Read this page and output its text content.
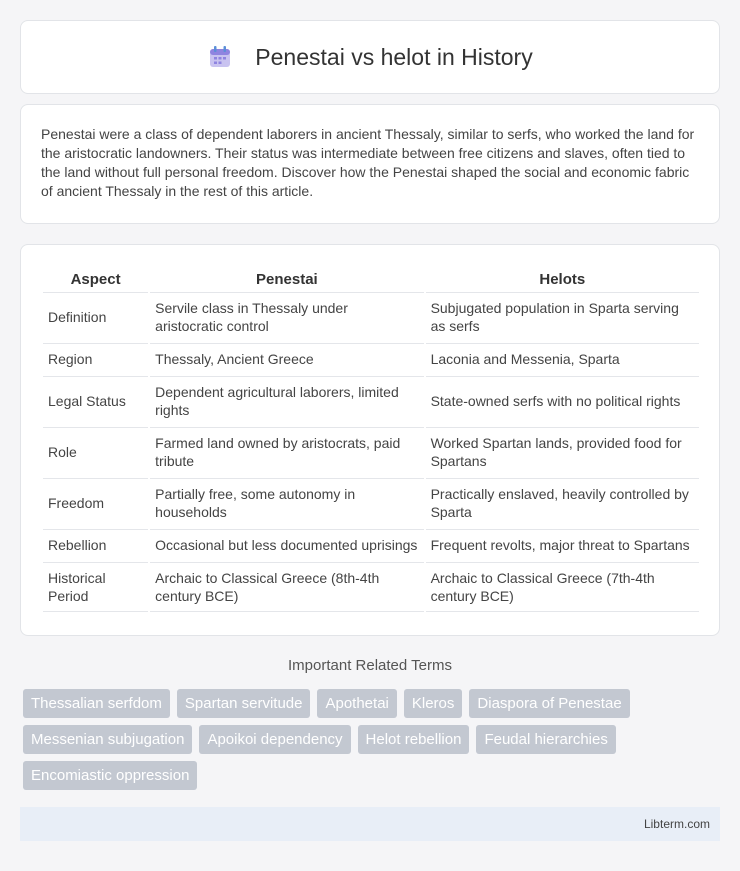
Penestai vs helot in History

Penestai were a class of dependent laborers in ancient Thessaly, similar to serfs, who worked the land for the aristocratic landowners. Their status was intermediate between free citizens and slaves, often tied to the land without full personal freedom. Discover how the Penestai shaped the social and economic fabric of ancient Thessaly in the rest of this article.

Aspect	Penestai	Helots
Definition	Servile class in Thessaly under aristocratic control	Subjugated population in Sparta serving as serfs
Region	Thessaly, Ancient Greece	Laconia and Messenia, Sparta
Legal Status	Dependent agricultural laborers, limited rights	State-owned serfs with no political rights
Role	Farmed land owned by aristocrats, paid tribute	Worked Spartan lands, provided food for Spartans
Freedom	Partially free, some autonomy in households	Practically enslaved, heavily controlled by Sparta
Rebellion	Occasional but less documented uprisings	Frequent revolts, major threat to Spartans
Historical Period	Archaic to Classical Greece (8th-4th century BCE)	Archaic to Classical Greece (7th-4th century BCE)
Important Related Terms
Thessalian serfdom	Spartan servitude	Apothetai	Kleros	Diaspora of Penestae
Messenian subjugation	Apoikoi dependency	Helot rebellion	Feudal hierarchies
Encomiastic oppression
Libterm.com
